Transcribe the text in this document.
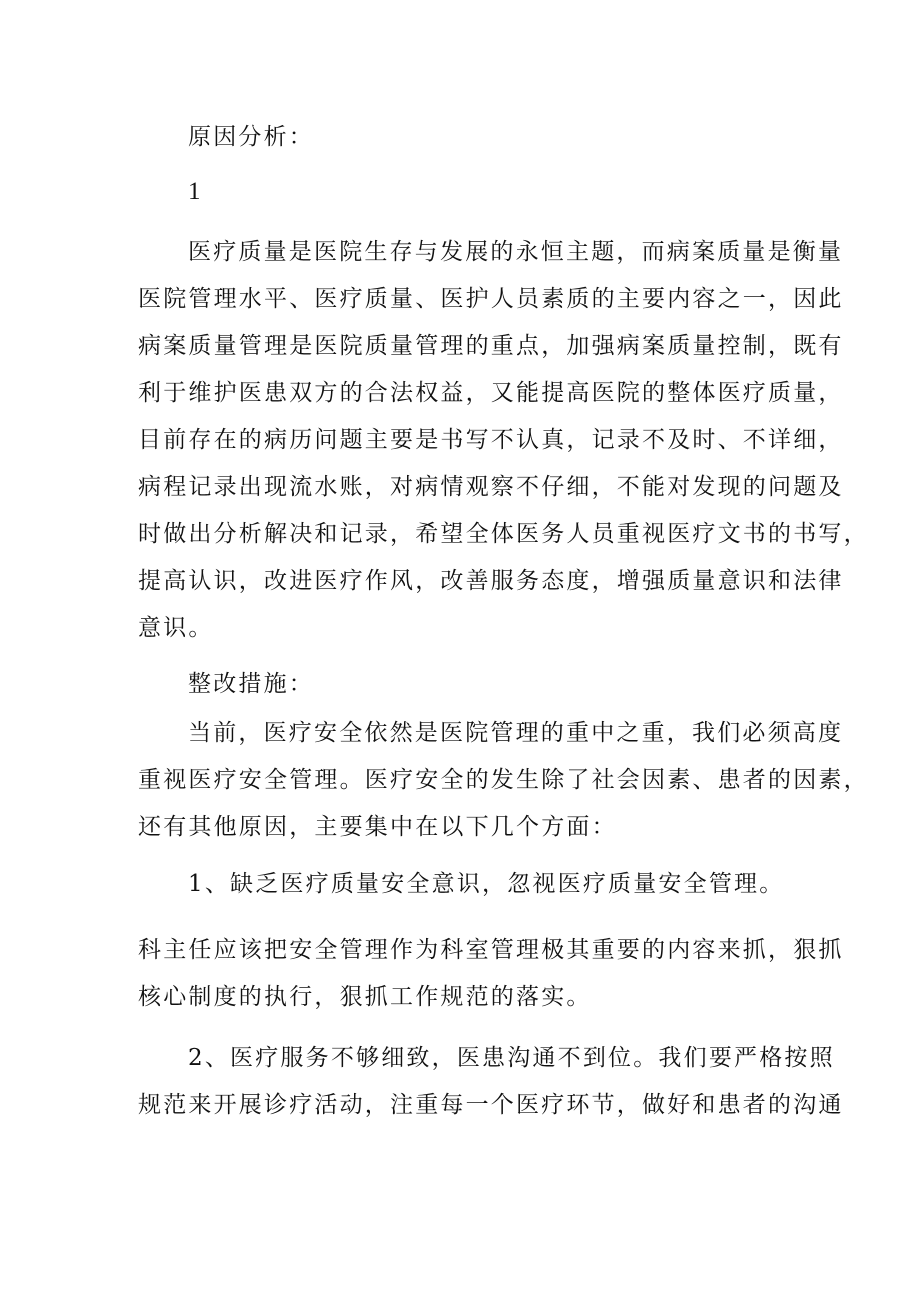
原因分析：
1
医疗质量是医院生存与发展的永恒主题，而病案质量是衡量
医院管理水平、医疗质量、医护人员素质的主要内容之一，因此
病案质量管理是医院质量管理的重点，加强病案质量控制，既有
利于维护医患双方的合法权益，又能提高医院的整体医疗质量，
目前存在的病历问题主要是书写不认真，记录不及时、不详细，
病程记录出现流水账，对病情观察不仔细，不能对发现的问题及
时做出分析解决和记录，希望全体医务人员重视医疗文书的书写，
提高认识，改进医疗作风，改善服务态度，增强质量意识和法律
意识。
整改措施：
当前，医疗安全依然是医院管理的重中之重，我们必须高度
重视医疗安全管理。医疗安全的发生除了社会因素、患者的因素，
还有其他原因，主要集中在以下几个方面：
1、缺乏医疗质量安全意识，忽视医疗质量安全管理。
科主任应该把安全管理作为科室管理极其重要的内容来抓，狠抓
核心制度的执行，狠抓工作规范的落实。
2、医疗服务不够细致，医患沟通不到位。我们要严格按照
规范来开展诊疗活动，注重每一个医疗环节，做好和患者的沟通
